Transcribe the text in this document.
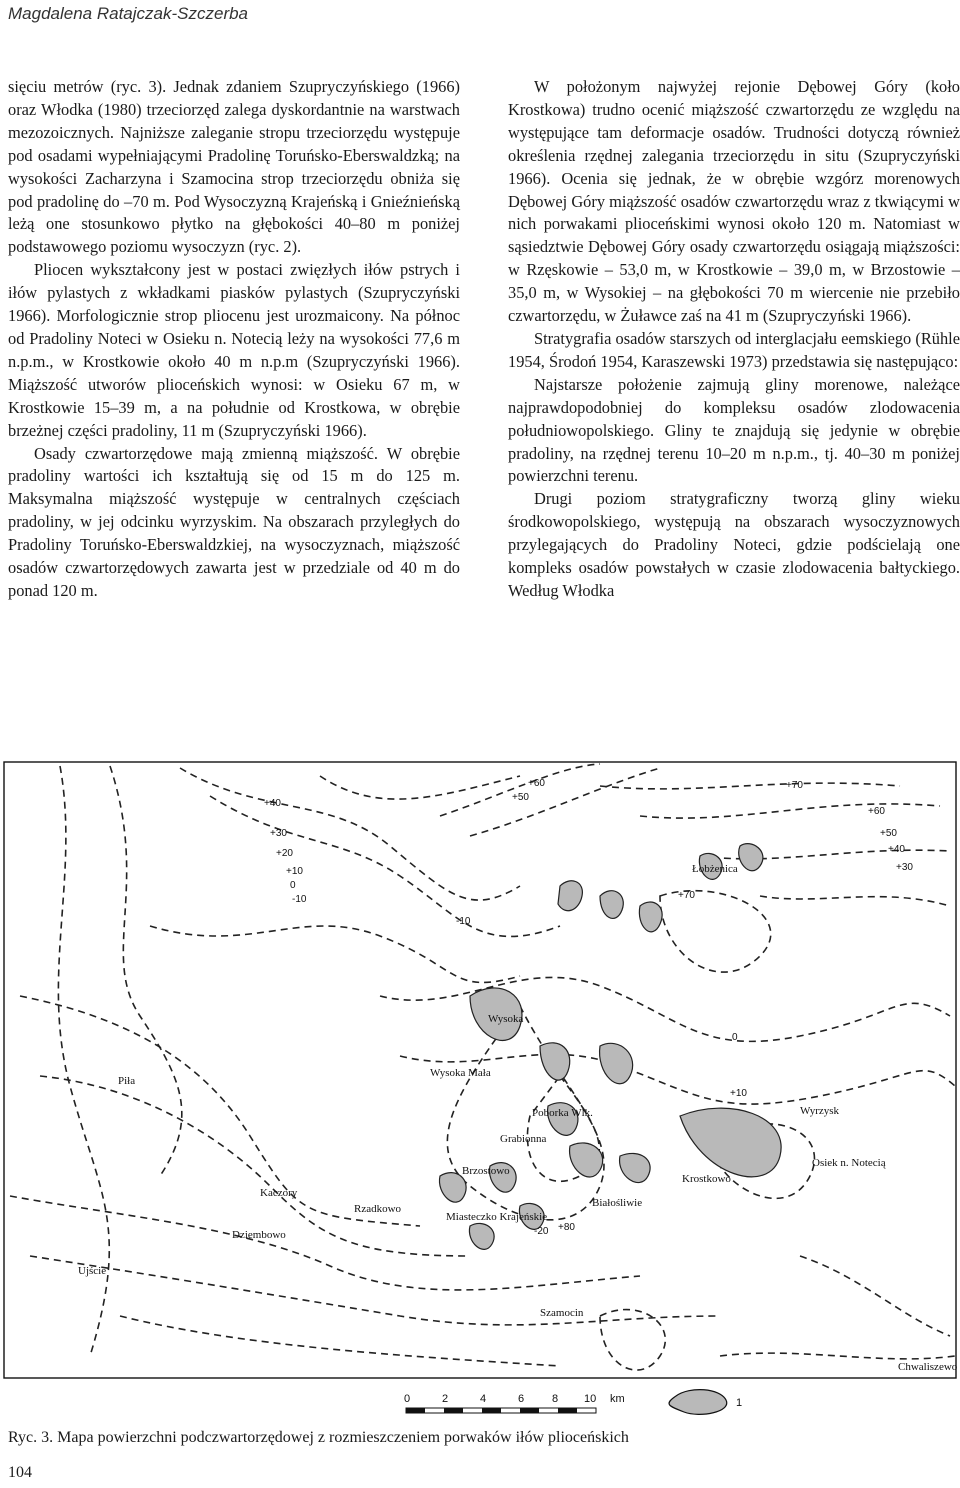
Magdalena Ratajczak-Szczerba

sięciu metrów (ryc. 3). Jednak zdaniem Szupryczyńskiego (1966) oraz Włodka (1980) trzeciorzęd zalega dyskordantnie na warstwach mezozoicznych. Najniższe zaleganie stropu trzeciorzędu występuje pod osadami wypełniającymi Pradolinę Toruńsko-Eberswaldzką; na wysokości Zacharzyna i Szamocina strop trzeciorzędu obniża się pod pradolinę do –70 m. Pod Wysoczyzną Krajeńską i Gnieźnieńską leżą one stosunkowo płytko na głębokości 40–80 m poniżej podstawowego poziomu wysoczyzn (ryc. 2).

Pliocen wykształcony jest w postaci zwięzłych iłów pstrych i iłów pylastych z wkładkami piasków pylastych (Szupryczyński 1966). Morfologicznie strop pliocenu jest urozmaicony. Na północ od Pradoliny Noteci w Osieku n. Notecią leży na wysokości 77,6 m n.p.m., w Krostkowie około 40 m n.p.m (Szupryczyński 1966). Miąższość utworów plioceńskich wynosi: w Osieku 67 m, w Krostkowie 15–39 m, a na południe od Krostkowa, w obrębie brzeżnej części pradoliny, 11 m (Szupryczyński 1966).

Osady czwartorzędowe mają zmienną miąższość. W obrębie pradoliny wartości ich kształtują się od 15 m do 125 m. Maksymalna miąższość występuje w centralnych częściach pradoliny, w jej odcinku wyrzyskim. Na obszarach przyległych do Pradoliny Toruńsko-Eberswaldzkiej, na wysoczyznach, miąższość osadów czwartorzędowych zawarta jest w przedziale od 40 m do ponad 120 m.

W położonym najwyżej rejonie Dębowej Góry (koło Krostkowa) trudno ocenić miąższość czwartorzędu ze względu na występujące tam deformacje osadów. Trudności dotyczą również określenia rzędnej zalegania trzeciorzędu in situ (Szupryczyński 1966). Ocenia się jednak, że w obrębie wzgórz morenowych Dębowej Góry miąższość osadów czwartorzędu wraz z tkwiącymi w nich porwakami plioceńskimi wynosi około 120 m. Natomiast w sąsiedztwie Dębowej Góry osady czwartorzędu osiągają miąższości: w Rzęskowie – 53,0 m, w Krostkowie – 39,0 m, w Brzostowie – 35,0 m, w Wysokiej – na głębokości 70 m wiercenie nie przebiło czwartorzędu, w Żuławce zaś na 41 m (Szupryczyński 1966).

Stratygrafia osadów starszych od interglacjału eemskiego (Rühle 1954, Środoń 1954, Karaszewski 1973) przedstawia się następująco:

Najstarsze położenie zajmują gliny morenowe, należące najprawdopodobniej do kompleksu osadów zlodowacenia południowopolskiego. Gliny te znajdują się jedynie w obrębie pradoliny, na rzędnej terenu 10–20 m n.p.m., tj. 40–30 m poniżej powierzchni terenu.

Drugi poziom stratygraficzny tworzą gliny wieku środkowopolskiego, występują na obszarach wysoczyznowych przylegających do Pradoliny Noteci, gdzie podścielają one kompleks osadów powstałych w czasie zlodowacenia bałtyckiego. Według Włodka

Łobżenica
Wysoka
Wysoka Mała
Piła
Poborka Wlk.
Grabionna
Brzostowo
Kaczory
Rzadkowo
Miasteczko Krajeńskie
Białośliwie
Krostkowo
Wyrzysk
Osiek n. Notecią
Dziembowo
Ujście
Szamocin
Chwaliszewo
+60
+60
+50
+50
+40
+40
+30
+30
+20
+10
+10
0
0
-10
-10
-20
+70
+70
+80
0	2	4	6	8 10 km	1
Ryc. 3. Mapa powierzchni podczwartorzędowej z rozmieszczeniem porwaków iłów plioceńskich
104
